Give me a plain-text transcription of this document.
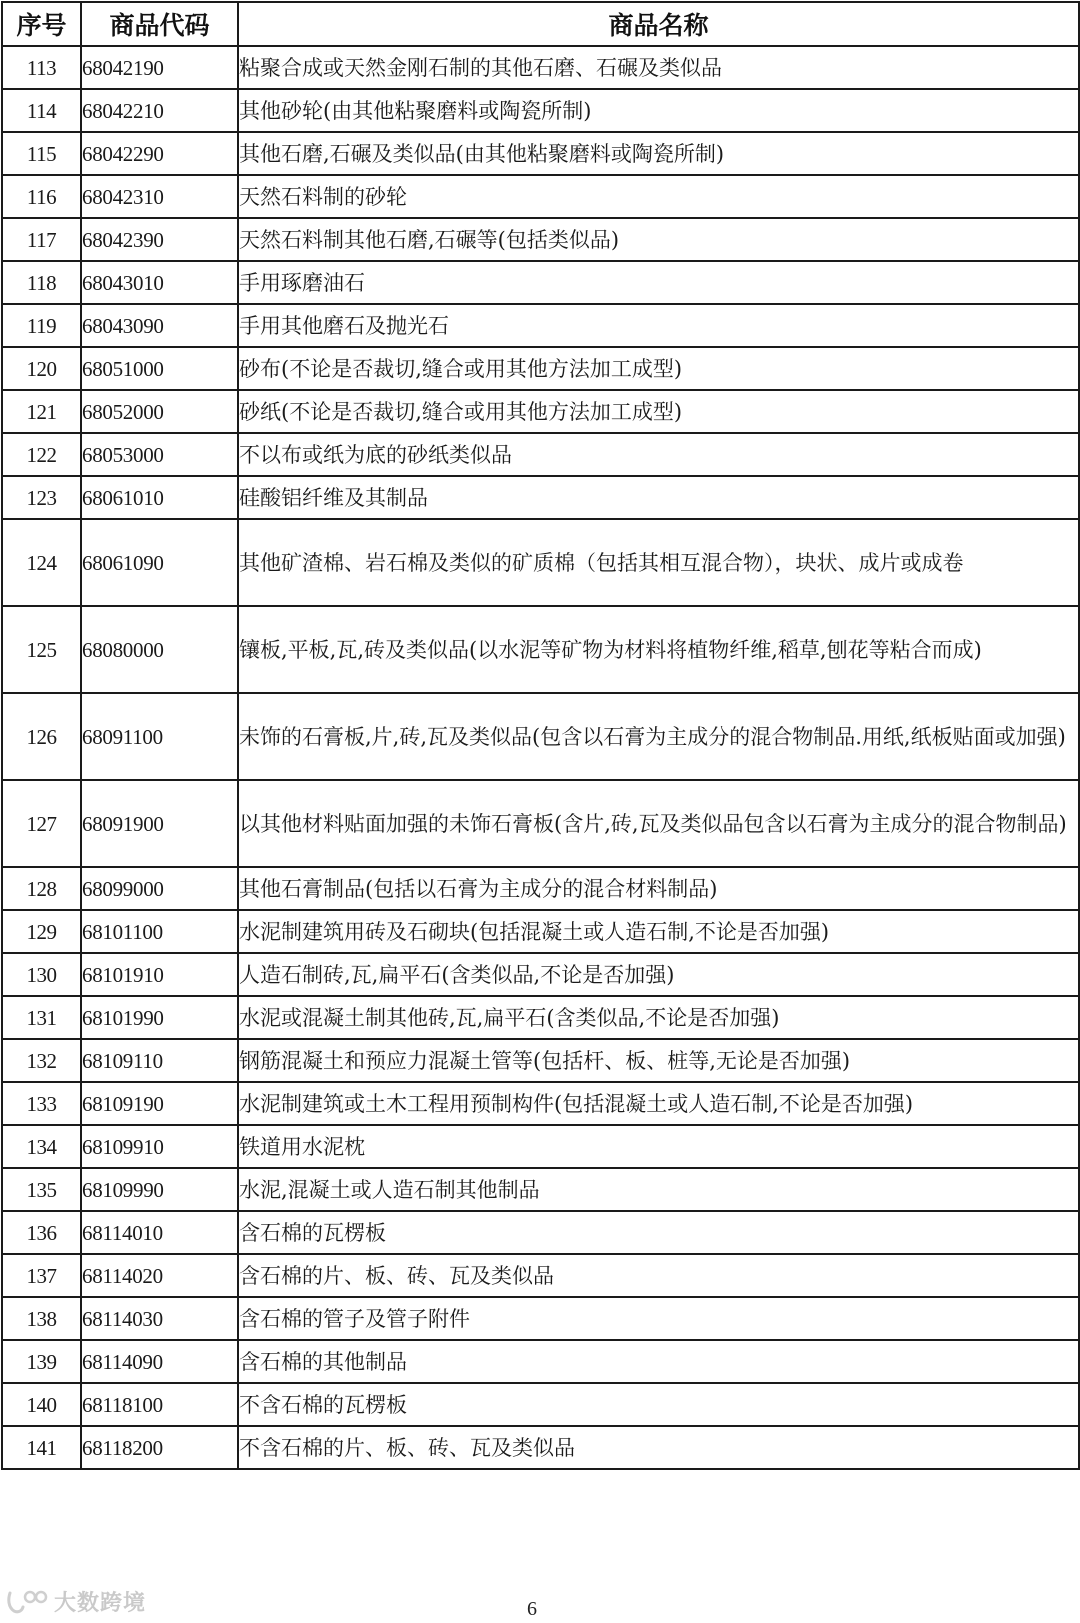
序号	商品代码	商品名称
113	68042190	粘聚合成或天然金刚石制的其他石磨、石碾及类似品
114	68042210	其他砂轮(由其他粘聚磨料或陶瓷所制)
115	68042290	其他石磨,石碾及类似品(由其他粘聚磨料或陶瓷所制)
116	68042310	天然石料制的砂轮
117	68042390	天然石料制其他石磨,石碾等(包括类似品)
118	68043010	手用琢磨油石
119	68043090	手用其他磨石及抛光石
120	68051000	砂布(不论是否裁切,缝合或用其他方法加工成型)
121	68052000	砂纸(不论是否裁切,缝合或用其他方法加工成型)
122	68053000	不以布或纸为底的砂纸类似品
123	68061010	硅酸铝纤维及其制品
124	68061090	其他矿渣棉、岩石棉及类似的矿质棉（包括其相互混合物），块状、成片或成卷
125	68080000	镶板,平板,瓦,砖及类似品(以水泥等矿物为材料将植物纤维,稻草,刨花等粘合而成)
126	68091100	未饰的石膏板,片,砖,瓦及类似品(包含以石膏为主成分的混合物制品.用纸,纸板贴面或加强)
127	68091900	以其他材料贴面加强的未饰石膏板(含片,砖,瓦及类似品包含以石膏为主成分的混合物制品)
128	68099000	其他石膏制品(包括以石膏为主成分的混合材料制品)
129	68101100	水泥制建筑用砖及石砌块(包括混凝土或人造石制,不论是否加强)
130	68101910	人造石制砖,瓦,扁平石(含类似品,不论是否加强)
131	68101990	水泥或混凝土制其他砖,瓦,扁平石(含类似品,不论是否加强)
132	68109110	钢筋混凝土和预应力混凝土管等(包括杆、板、桩等,无论是否加强)
133	68109190	水泥制建筑或土木工程用预制构件(包括混凝土或人造石制,不论是否加强)
134	68109910	铁道用水泥枕
135	68109990	水泥,混凝土或人造石制其他制品
136	68114010	含石棉的瓦楞板
137	68114020	含石棉的片、板、砖、瓦及类似品
138	68114030	含石棉的管子及管子附件
139	68114090	含石棉的其他制品
140	68118100	不含石棉的瓦楞板
141	68118200	不含石棉的片、板、砖、瓦及类似品
大数跨境	6
